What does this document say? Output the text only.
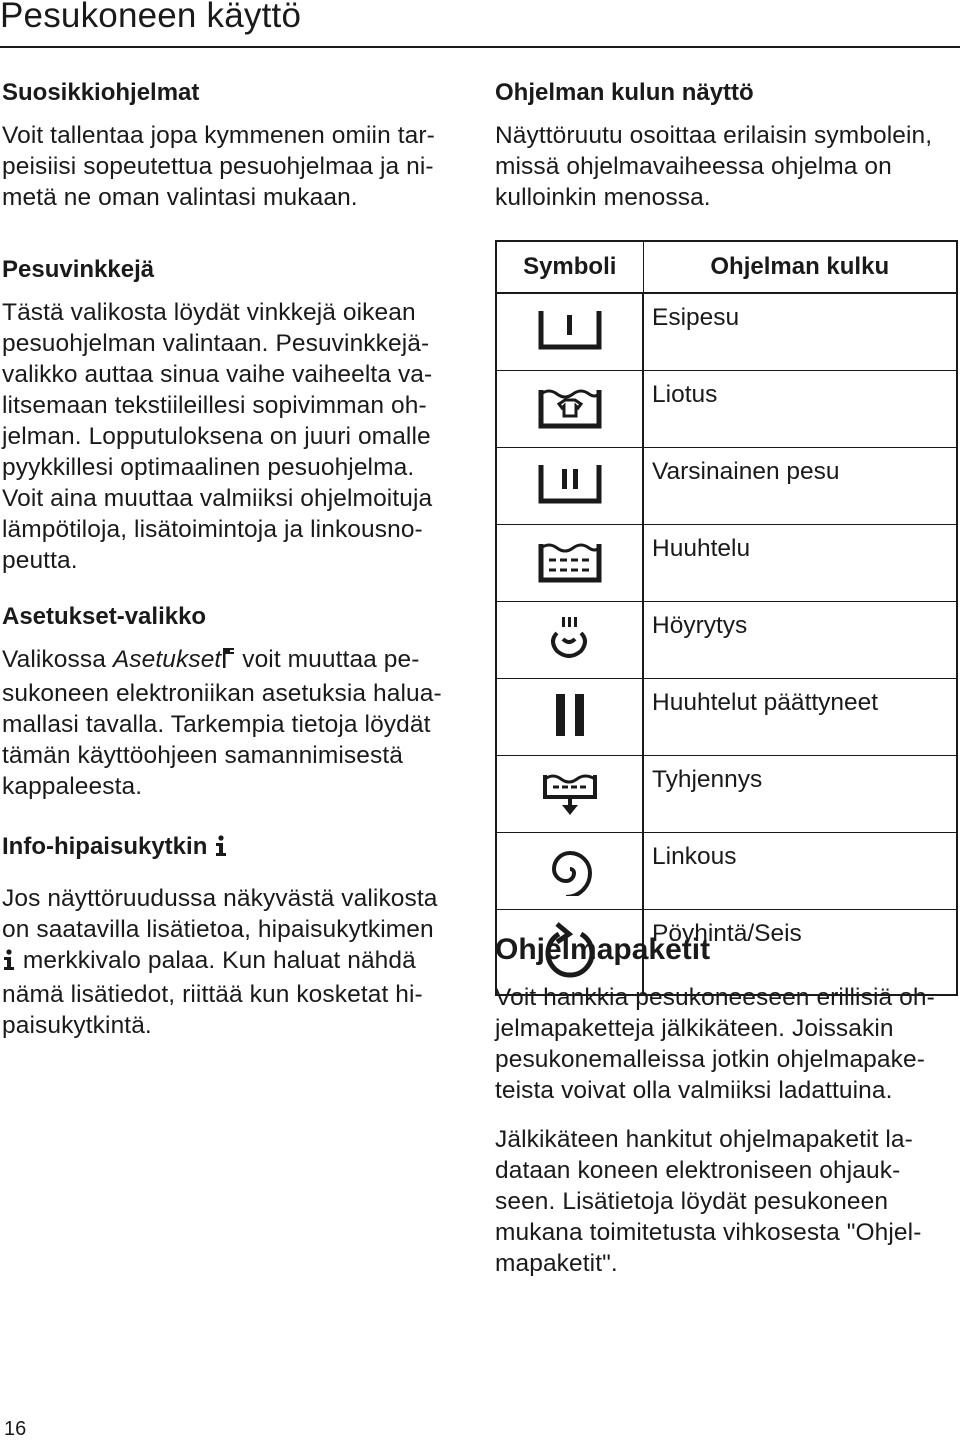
Pesukoneen käyttö
Suosikkiohjelmat

Voit tallentaa jopa kymmenen omiin tar-
peisiisi sopeutettua pesuohjelmaa ja ni-
metä ne oman valintasi mukaan.

Pesuvinkkejä

Tästä valikosta löydät vinkkejä oikean
pesuohjelman valintaan. Pesuvinkkejä-
valikko auttaa sinua vaihe vaiheelta va-
litsemaan tekstiileillesi sopivimman oh-
jelman. Lopputuloksena on juuri omalle
pyykkillesi optimaalinen pesuohjelma.
Voit aina muuttaa valmiiksi ohjelmoituja
lämpötiloja, lisätoimintoja ja linkousno-
peutta.

Asetukset-valikko

Valikossa Asetukset voit muuttaa pe-
sukoneen elektroniikan asetuksia halua-
mallasi tavalla. Tarkempia tietoja löydät
tämän käyttöohjeen samannimisestä
kappaleesta.

Info-hipaisukytkin

Jos näyttöruudussa näkyvästä valikosta
on saatavilla lisätietoa, hipaisukytkimen
merkkivalo palaa. Kun haluat nähdä
nämä lisätiedot, riittää kun kosketat hi-
paisukytkintä.

Ohjelman kulun näyttö

Näyttöruutu osoittaa erilaisin symbolein,
missä ohjelmavaiheessa ohjelma on
kulloinkin menossa.

Symboli	Ohjelman kulku
	Esipesu
	Liotus
	Varsinainen pesu
	Huuhtelu
	Höyrytys
	Huuhtelut päättyneet
	Tyhjennys
	Linkous
	Pöyhintä/Seis
Ohjelmapaketit

Voit hankkia pesukoneeseen erillisiä oh-
jelmapaketteja jälkikäteen. Joissakin
pesukonemalleissa jotkin ohjelmapake-
teista voivat olla valmiiksi ladattuina.

Jälkikäteen hankitut ohjelmapaketit la-
dataan koneen elektroniseen ohjauk-
seen. Lisätietoja löydät pesukoneen
mukana toimitetusta vihkosesta "Ohjel-
mapaketit".

16
